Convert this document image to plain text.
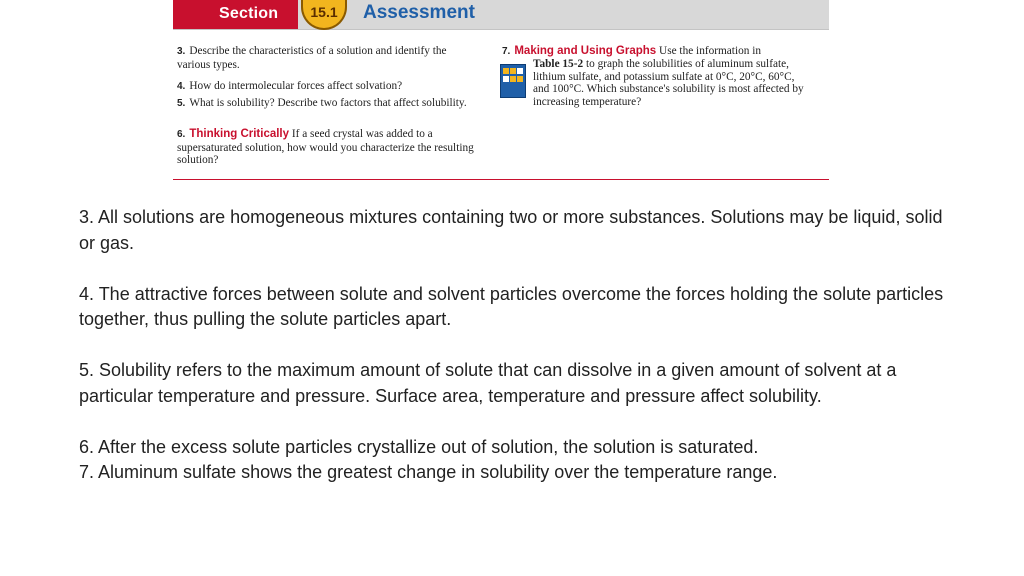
Section	15.1	Assessment
3. Describe the characteristics of a solution and identify the various types.
4. How do intermolecular forces affect solvation?
5. What is solubility? Describe two factors that affect solubility.
6. Thinking Critically If a seed crystal was added to a supersaturated solution, how would you characterize the resulting solution?
7. Making and Using Graphs Use the information in
Table 15-2 to graph the solubilities of aluminum sulfate, lithium sulfate, and potassium sulfate at 0°C, 20°C, 60°C, and 100°C. Which substance's solubility is most affected by increasing temperature?

3. All solutions are homogeneous mixtures containing two or more substances. Solutions may be liquid, solid or gas.

4. The attractive forces between solute and solvent particles overcome the forces holding the solute particles together, thus pulling the solute particles apart.

5. Solubility refers to the maximum amount of solute that can dissolve in a given amount of solvent at a particular temperature and pressure. Surface area, temperature and pressure affect solubility.

6. After the excess solute particles crystallize out of solution, the solution is saturated.

7. Aluminum sulfate shows the greatest change in solubility over the temperature range.
